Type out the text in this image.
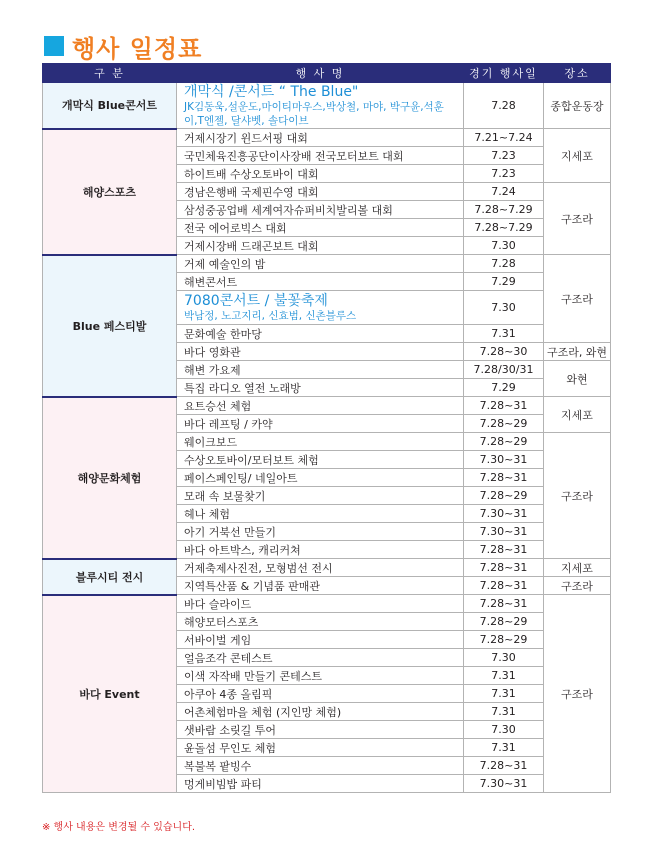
행사 일정표
구 분	행 사 명	경기 행사일	장소
개막식 Blue콘서트	개막식 /콘서트 “ The Blue"
JK김동욱,설운도,마이티마우스,박상철, 마야, 박구윤,석훈이,T엔젤, 달샤벳, 솔다이브	7.28	종합운동장
해양스포츠	거제시장기 윈드서핑 대회	7.21~7.24	지세포
	국민체육진흥공단이사장배 전국모터보트 대회	7.23	
	하이트배 수상오토바이 대회	7.23	
	경남은행배 국제핀수영 대회	7.24	구조라
	삼성중공업배 세계여자슈퍼비치발리볼 대회	7.28~7.29	
	전국 에어로빅스 대회	7.28~7.29	
	거제시장배 드래곤보트 대회	7.30	
Blue 페스티발	거제 예술인의 밤	7.28	구조라
	해변콘서트	7.29	

	7080콘서트 / 불꽃축제
박남정, 노고지리, 신효범, 신촌블루스	7.30	
	문화예술 한마당	7.31	
	바다 영화관	7.28~30	구조라, 와현
	해변 가요제	7.28/30/31	와현
	특집 라디오 열전 노래방	7.29	
해양문화체험	요트승선 체험	7.28~31	지세포
	바다 레프팅 / 카약	7.28~29	
	웨이크보드	7.28~29	구조라
	수상오토바이/모터보트 체험	7.30~31	
	페이스페인팅/ 네일아트	7.28~31	
	모래 속 보물찾기	7.28~29	
	헤나 체험	7.30~31	
	아기 거북선 만들기	7.30~31	
	바다 아트박스, 캐리커쳐	7.28~31	
블루시티 전시	거제축제사진전, 모형범선 전시	7.28~31	지세포
	지역특산품 & 기념품 판매관	7.28~31	구조라
바다 Event	바다 슬라이드	7.28~31	구조라
	해양모터스포츠	7.28~29	
	서바이벌 게임	7.28~29	
	얼음조각 콘테스트	7.30	
	이색 자작배 만들기 콘테스트	7.31	
	아쿠아 4종 올림픽	7.31	
	어촌체험마을 체험 (지인망 체험)	7.31	
	샛바람 소릿길 투어	7.30	
	윤돌섬 무인도 체험	7.31	
	복불복 팥빙수	7.28~31	
	멍게비빔밥 파티	7.30~31	
※ 행사 내용은 변경될 수 있습니다.
